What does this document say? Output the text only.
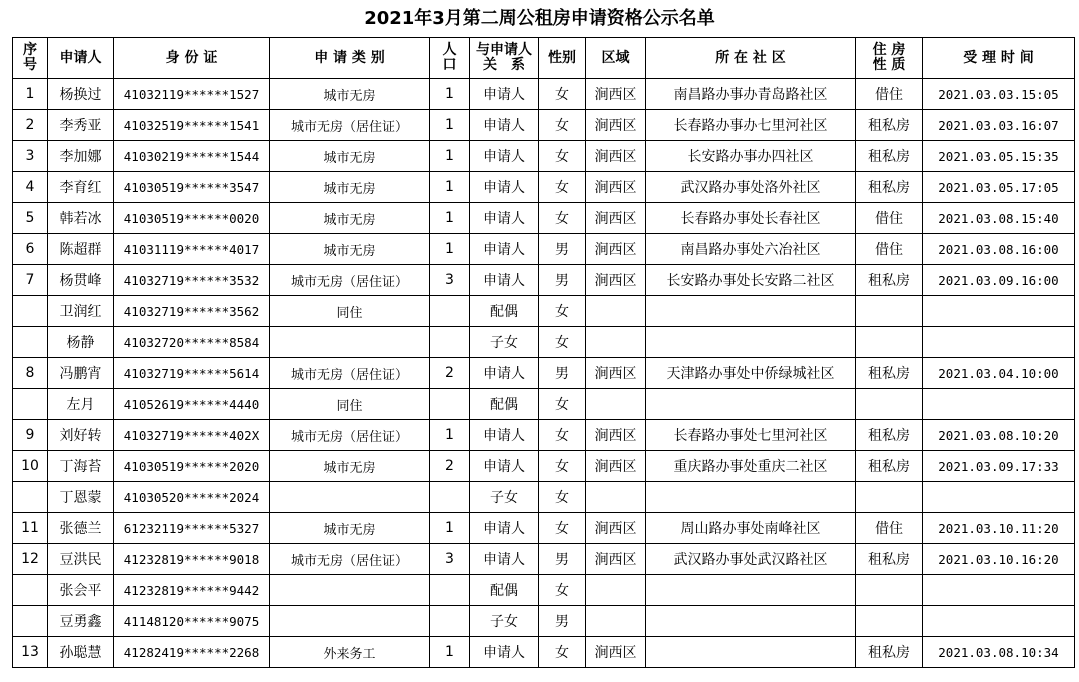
2021年3月第二周公租房申请资格公示名单
序
号	申请人	身 份 证	申 请 类 别	人
口	与申请人
关　系	性别	区域	所 在 社 区	住 房
性 质	受 理 时 间
1	杨换过	41032119******1527	城市无房	1	申请人	女	涧西区	南昌路办事办青岛路社区	借住	2021.03.03.15:05
2	李秀亚	41032519******1541	城市无房（居住证）	1	申请人	女	涧西区	长春路办事办七里河社区	租私房	2021.03.03.16:07
3	李加娜	41030219******1544	城市无房	1	申请人	女	涧西区	长安路办事办四社区	租私房	2021.03.05.15:35
4	李育红	41030519******3547	城市无房	1	申请人	女	涧西区	武汉路办事处洛外社区	租私房	2021.03.05.17:05
5	韩若冰	41030519******0020	城市无房	1	申请人	女	涧西区	长春路办事处长春社区	借住	2021.03.08.15:40
6	陈超群	41031119******4017	城市无房	1	申请人	男	涧西区	南昌路办事处六冶社区	借住	2021.03.08.16:00
7	杨贯峰	41032719******3532	城市无房（居住证）	3	申请人	男	涧西区	长安路办事处长安路二社区	租私房	2021.03.09.16:00
	卫润红	41032719******3562	同住		配偶	女				
	杨静	41032720******8584			子女	女				
8	冯鹏宵	41032719******5614	城市无房（居住证）	2	申请人	男	涧西区	天津路办事处中侨绿城社区	租私房	2021.03.04.10:00
	左月	41052619******4440	同住		配偶	女				
9	刘好转	41032719******402X	城市无房（居住证）	1	申请人	女	涧西区	长春路办事处七里河社区	租私房	2021.03.08.10:20
10	丁海苔	41030519******2020	城市无房	2	申请人	女	涧西区	重庆路办事处重庆二社区	租私房	2021.03.09.17:33
	丁恩蒙	41030520******2024			子女	女				
11	张德兰	61232119******5327	城市无房	1	申请人	女	涧西区	周山路办事处南峰社区	借住	2021.03.10.11:20
12	豆洪民	41232819******9018	城市无房（居住证）	3	申请人	男	涧西区	武汉路办事处武汉路社区	租私房	2021.03.10.16:20
	张会平	41232819******9442			配偶	女				
	豆勇鑫	41148120******9075			子女	男				
13	孙聪慧	41282419******2268	外来务工	1	申请人	女	涧西区		租私房	2021.03.08.10:34
